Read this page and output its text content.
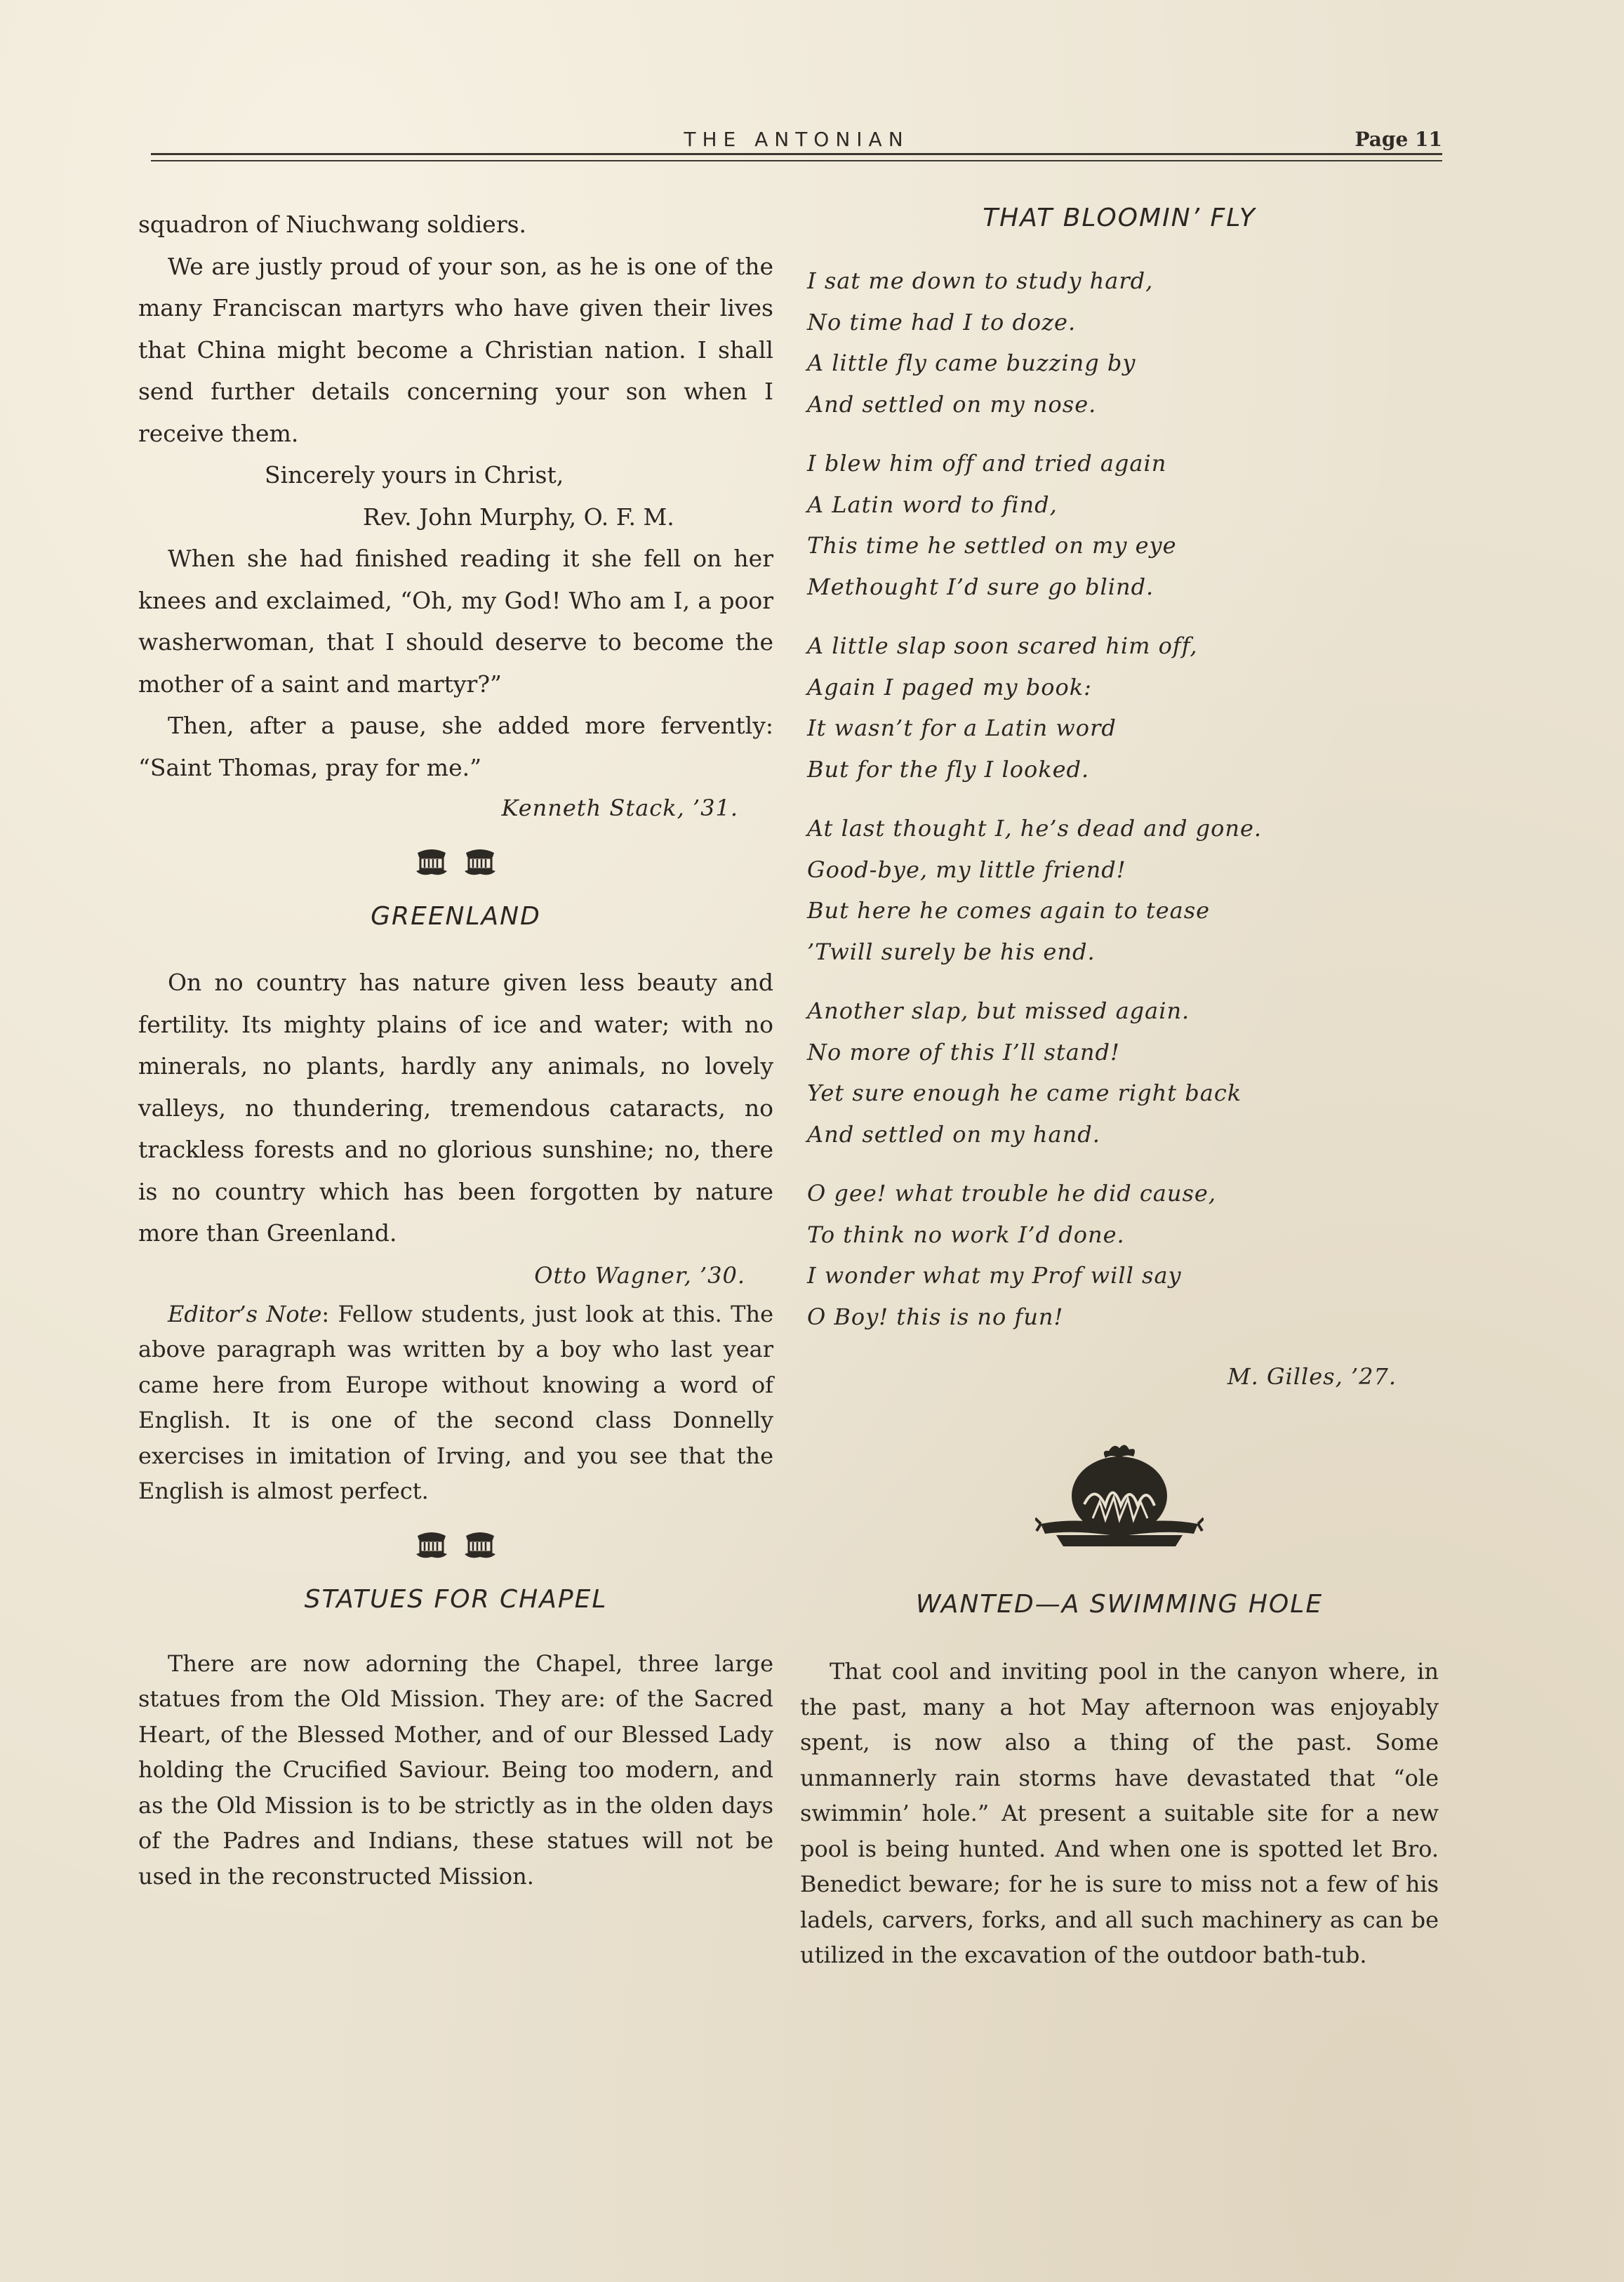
THE ANTONIAN	Page 11

squadron of Niuchwang soldiers.

We are justly proud of your son, as he is one of the many Franciscan martyrs who have given their lives that China might become a Christian nation. I shall send further details concerning your son when I receive them.

Sincerely yours in Christ,

Rev. John Murphy, O. F. M.

When she had finished reading it she fell on her knees and exclaimed, “Oh, my God! Who am I, a poor washerwoman, that I should deserve to become the mother of a saint and martyr?”

Then, after a pause, she added more fervently: “Saint Thomas, pray for me.”

Kenneth Stack, ’31.

GREENLAND

On no country has nature given less beauty and fertility. Its mighty plains of ice and water; with no minerals, no plants, hardly any animals, no lovely valleys, no thundering, tremendous cataracts, no trackless forests and no glorious sunshine; no, there is no country which has been forgotten by nature more than Greenland.

Otto Wagner, ’30.

Editor’s Note: Fellow students, just look at this. The above paragraph was written by a boy who last year came here from Europe without knowing a word of English. It is one of the second class Donnelly exercises in imitation of Irving, and you see that the English is almost perfect.

STATUES FOR CHAPEL

There are now adorning the Chapel, three large statues from the Old Mission. They are: of the Sacred Heart, of the Blessed Mother, and of our Blessed Lady holding the Crucified Saviour. Being too modern, and as the Old Mission is to be strictly as in the olden days of the Padres and Indians, these statues will not be used in the reconstructed Mission.

THAT BLOOMIN’ FLY

I sat me down to study hard,

No time had I to doze.

A little fly came buzzing by

And settled on my nose.

I blew him off and tried again

A Latin word to find,

This time he settled on my eye

Methought I’d sure go blind.

A little slap soon scared him off,

Again I paged my book:

It wasn’t for a Latin word

But for the fly I looked.

At last thought I, he’s dead and gone.

Good-bye, my little friend!

But here he comes again to tease

’Twill surely be his end.

Another slap, but missed again.

No more of this I’ll stand!

Yet sure enough he came right back

And settled on my hand.

O gee! what trouble he did cause,

To think no work I’d done.

I wonder what my Prof will say

O Boy! this is no fun!

M. Gilles, ’27.

WANTED—A SWIMMING HOLE

That cool and inviting pool in the canyon where, in the past, many a hot May afternoon was enjoyably spent, is now also a thing of the past. Some unmannerly rain storms have devastated that “ole swimmin’ hole.” At present a suitable site for a new pool is being hunted. And when one is spotted let Bro. Benedict beware; for he is sure to miss not a few of his ladels, carvers, forks, and all such machinery as can be utilized in the excavation of the outdoor bath-tub.
